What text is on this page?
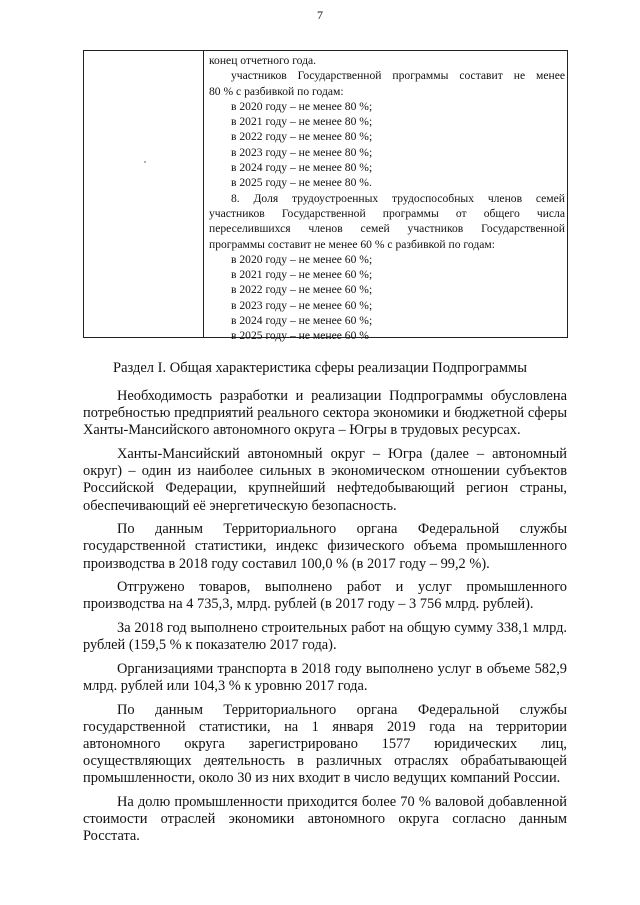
7
конец отчетного года.
участников Государственной программы составит не менее
80 % с разбивкой по годам:
в 2020 году – не менее 80 %;
в 2021 году – не менее 80 %;
в 2022 году – не менее 80 %;
в 2023 году – не менее 80 %;
в 2024 году – не менее 80 %;
в 2025 году – не менее 80 %.
8. Доля трудоустроенных трудоспособных членов семей
участников Государственной программы от общего числа
переселившихся членов семей участников Государственной
программы составит не менее 60 % с разбивкой по годам:
в 2020 году – не менее 60 %;
в 2021 году – не менее 60 %;
в 2022 году – не менее 60 %;
в 2023 году – не менее 60 %;
в 2024 году – не менее 60 %;
в 2025 году – не менее 60 %
Раздел I. Общая характеристика сферы реализации Подпрограммы

Необходимость разработки и реализации Подпрограммы обусловлена потребностью предприятий реального сектора экономики и бюджетной сферы Ханты-Мансийского автономного округа – Югры в трудовых ресурсах.

Ханты-Мансийский автономный округ – Югра (далее – автономный округ) – один из наиболее сильных в экономическом отношении субъектов Российской Федерации, крупнейший нефтедобывающий регион страны, обеспечивающий её энергетическую безопасность.

По данным Территориального органа Федеральной службы государственной статистики, индекс физического объема промышленного производства в 2018 году составил 100,0 % (в 2017 году – 99,2 %).

Отгружено товаров, выполнено работ и услуг промышленного производства на 4 735,3, млрд. рублей (в 2017 году – 3 756 млрд. рублей).

За 2018 год выполнено строительных работ на общую сумму 338,1 млрд. рублей (159,5 % к показателю 2017 года).

Организациями транспорта в 2018 году выполнено услуг в объеме 582,9 млрд. рублей или 104,3 % к уровню 2017 года.

По данным Территориального органа Федеральной службы государственной статистики, на 1 января 2019 года на территории автономного округа зарегистрировано 1577 юридических лиц, осуществляющих деятельность в различных отраслях обрабатывающей промышленности, около 30 из них входит в число ведущих компаний России.

На долю промышленности приходится более 70 % валовой добавленной стоимости отраслей экономики автономного округа согласно данным Росстата.
